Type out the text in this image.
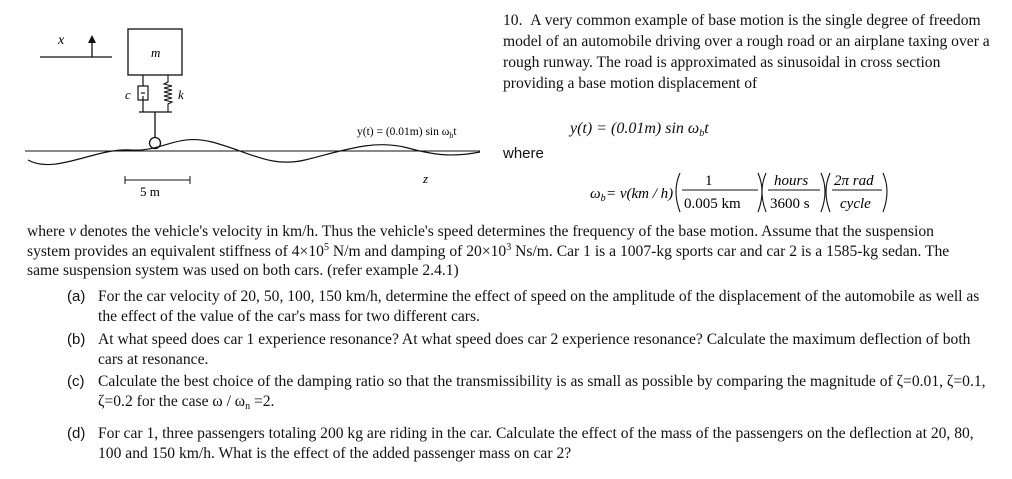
x
m
c	k
5 m
y(t) = (0.01m) $\sin \omega_bt$
z

10. A very common example of base motion is the single degree of freedom model of an automobile driving over a rough road or an airplane taxing over a rough runway. The road is approximated as sinusoidal in cross section providing a base motion displacement of

y(t) = (0.01m) $\sin \omega_bt$
where
$\omega_b = v(km / h)$
1
0.005 km
hours
3600 s
2π rad
cycle

where v denotes the vehicle's velocity in km/h. Thus the vehicle's speed determines the frequency of the base motion. Assume that the suspension system provides an equivalent stiffness of $4\times 10^5$ N/m and damping of $20\times 10^3$ Ns/m. Car 1 is a 1007-kg sports car and car 2 is a 1585-kg sedan. The same suspension system was used on both cars. (refer example 2.4.1)

(a) For the car velocity of 20, 50, 100, 150 km/h, determine the effect of speed on the amplitude of the displacement of the automobile as well as the effect of the value of the car's mass for two different cars.
(b) At what speed does car 1 experience resonance? At what speed does car 2 experience resonance? Calculate the maximum deflection of both cars at resonance.
(c) Calculate the best choice of the damping ratio so that the transmissibility is as small as possible by comparing the magnitude of ζ=0.01, ζ=0.1, ζ=0.2 for the case $\omega / \omega_n =2$.
(d) For car 1, three passengers totaling 200 kg are riding in the car. Calculate the effect of the mass of the passengers on the deflection at 20, 80, 100 and 150 km/h. What is the effect of the added passenger mass on car 2?
